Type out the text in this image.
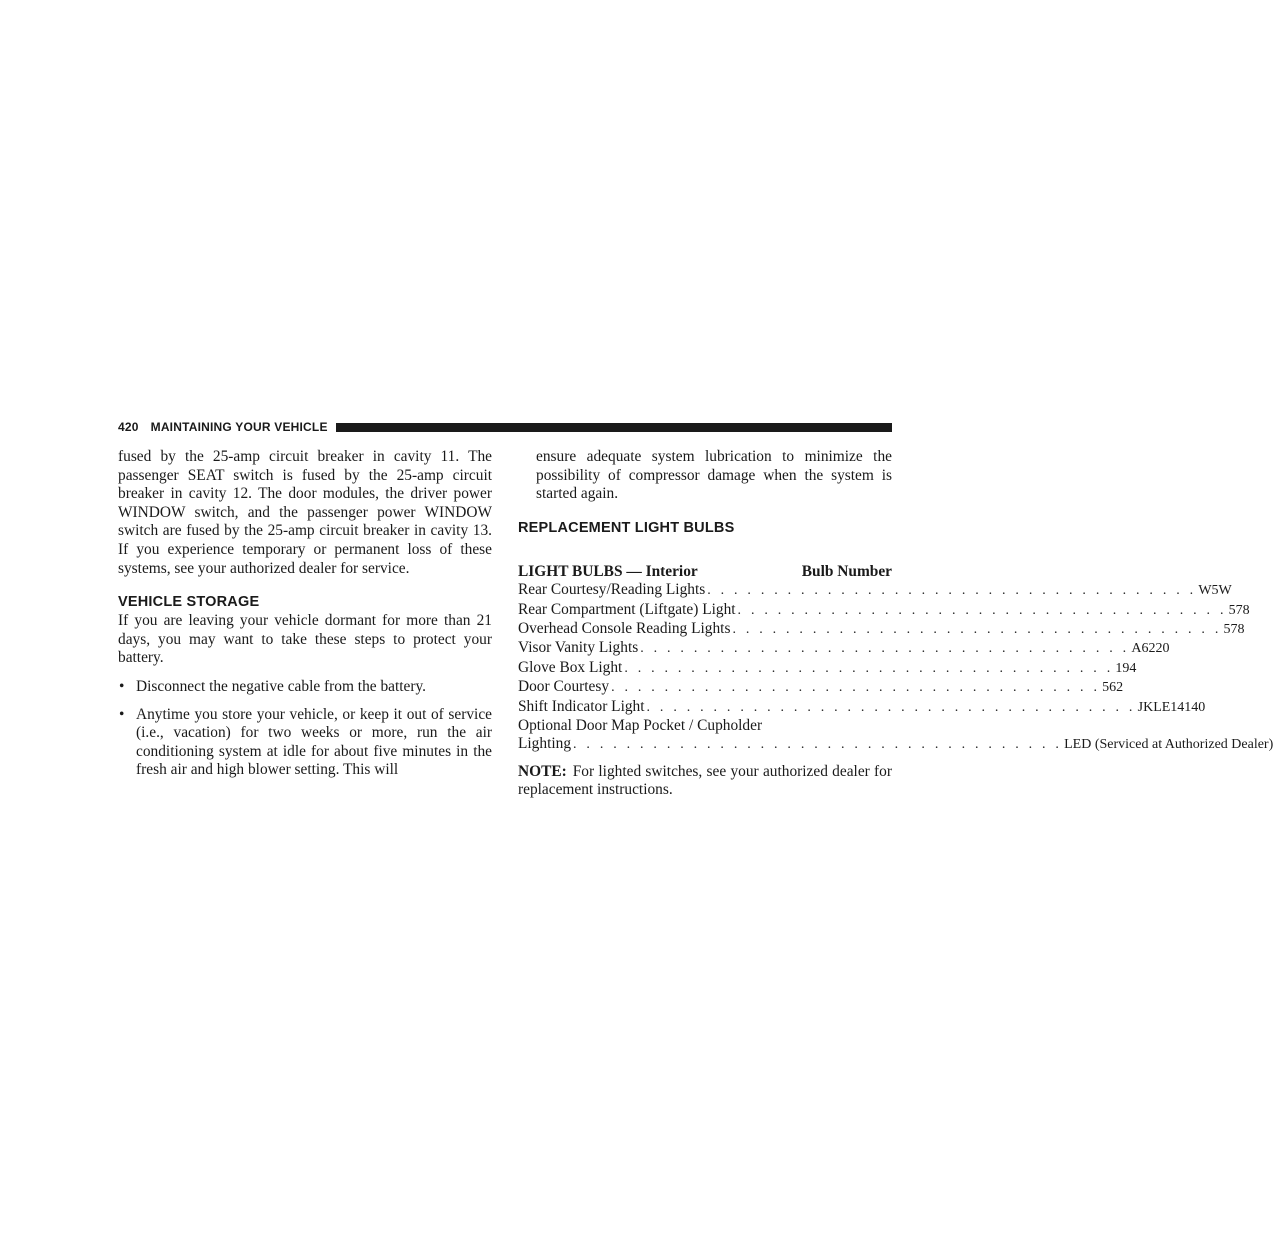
420 MAINTAINING YOUR VEHICLE

fused by the 25-amp circuit breaker in cavity 11. The passenger SEAT switch is fused by the 25-amp circuit breaker in cavity 12. The door modules, the driver power WINDOW switch, and the passenger power WINDOW switch are fused by the 25-amp circuit breaker in cavity 13. If you experience temporary or permanent loss of these systems, see your authorized dealer for service.

VEHICLE STORAGE

If you are leaving your vehicle dormant for more than 21 days, you may want to take these steps to protect your battery.

• Disconnect the negative cable from the battery.
• Anytime you store your vehicle, or keep it out of service (i.e., vacation) for two weeks or more, run the air conditioning system at idle for about five minutes in the fresh air and high blower setting. This will

ensure adequate system lubrication to minimize the possibility of compressor damage when the system is started again.

REPLACEMENT LIGHT BULBS
LIGHT BULBS — Interior	Bulb Number
Rear Courtesy/Reading Lights . . . . . . . . . . . . . . . . . . . . . . . . . . . . . . . . . . . . . W5W
Rear Compartment (Liftgate) Light . . . . . . . . . . . . . . . . . . . . . . . . . . . . . . . . . . . . . 578
Overhead Console Reading Lights . . . . . . . . . . . . . . . . . . . . . . . . . . . . . . . . . . . . . 578
Visor Vanity Lights . . . . . . . . . . . . . . . . . . . . . . . . . . . . . . . . . . . . . A6220
Glove Box Light . . . . . . . . . . . . . . . . . . . . . . . . . . . . . . . . . . . . . 194
Door Courtesy . . . . . . . . . . . . . . . . . . . . . . . . . . . . . . . . . . . . . 562
Shift Indicator Light . . . . . . . . . . . . . . . . . . . . . . . . . . . . . . . . . . . . . JKLE14140
Optional Door Map Pocket / Cupholder
Lighting . . . . . . . . . . . . . . . . . . . . . . . . . . . . . . . . . . . . . LED (Serviced at Authorized Dealer)
NOTE: For lighted switches, see your authorized dealer for replacement instructions.
